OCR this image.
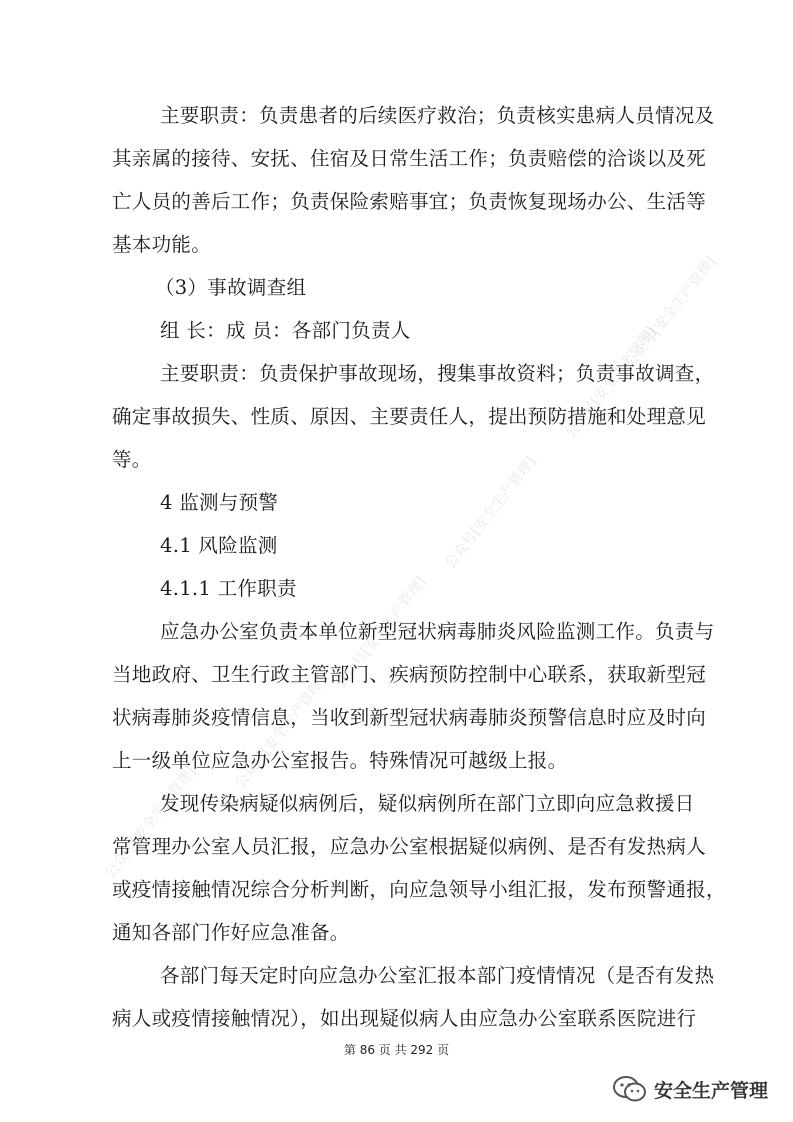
主要职责：负责患者的后续医疗救治；负责核实患病人员情况及
其亲属的接待、安抚、住宿及日常生活工作；负责赔偿的洽谈以及死
亡人员的善后工作；负责保险索赔事宜；负责恢复现场办公、生活等
基本功能。
（3）事故调查组
组 长：成 员：各部门负责人
主要职责：负责保护事故现场，搜集事故资料；负责事故调查，
确定事故损失、性质、原因、主要责任人，提出预防措施和处理意见
等。
4 监测与预警
4.1 风险监测
4.1.1 工作职责
应急办公室负责本单位新型冠状病毒肺炎风险监测工作。负责与
当地政府、卫生行政主管部门、疾病预防控制中心联系，获取新型冠
状病毒肺炎疫情信息，当收到新型冠状病毒肺炎预警信息时应及时向
上一级单位应急办公室报告。特殊情况可越级上报。
发现传染病疑似病例后，疑似病例所在部门立即向应急救援日
常管理办公室人员汇报，应急办公室根据疑似病例、是否有发热病人
或疫情接触情况综合分析判断，向应急领导小组汇报，发布预警通报，
通知各部门作好应急准备。
各部门每天定时向应急办公室汇报本部门疫情情况（是否有发热
病人或疫情接触情况），如出现疑似病人由应急办公室联系医院进行
公众号[安全生产管理]
公众号[安全生产管理]
公众号[安全生产管理]
公众号[安全生产管理]
公众号[安全生产管理]
公众号[安全生产管理]
第 86 页 共 292 页
安全生产管理
